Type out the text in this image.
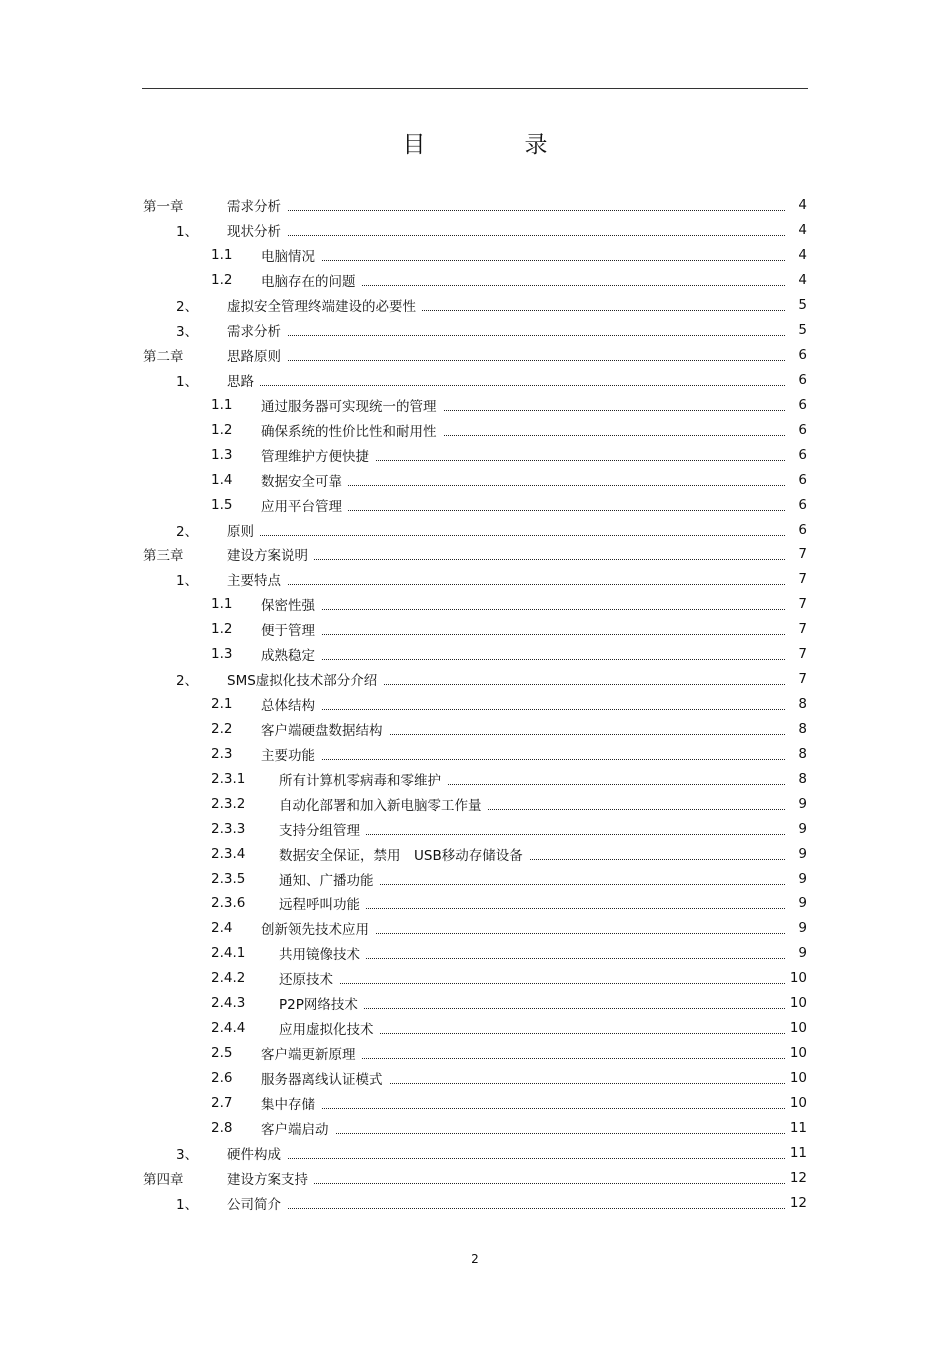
目　录
第一章	需求分析	4
1、 现状分析	4
1.1 电脑情况	4
1.2 电脑存在的问题	4
2、 虚拟安全管理终端建设的必要性	5
3、 需求分析	5
第二章	思路原则	6
1、 思路	6
1.1 通过服务器可实现统一的管理	6
1.2 确保系统的性价比性和耐用性	6
1.3 管理维护方便快捷	6
1.4 数据安全可靠	6
1.5 应用平台管理	6
2、 原则	6
第三章	建设方案说明	7
1、 主要特点	7
1.1 保密性强	7
1.2 便于管理	7
1.3 成熟稳定	7
2、 SMS虚拟化技术部分介绍	7
2.1 总体结构	8
2.2 客户端硬盘数据结构	8
2.3 主要功能	8
2.3.1 所有计算机零病毒和零维护	8
2.3.2 自动化部署和加入新电脑零工作量	9
2.3.3 支持分组管理	9
2.3.4 数据安全保证，禁用　USB移动存储设备	9
2.3.5 通知、广播功能	9
2.3.6 远程呼叫功能	9
2.4 创新领先技术应用	9
2.4.1 共用镜像技术	9
2.4.2 还原技术	10
2.4.3 P2P网络技术	10
2.4.4 应用虚拟化技术	10
2.5 客户端更新原理	10
2.6 服务器离线认证模式	10
2.7 集中存储	10
2.8 客户端启动	11
3、 硬件构成	11
第四章	建设方案支持	12
1、 公司简介	12
2
